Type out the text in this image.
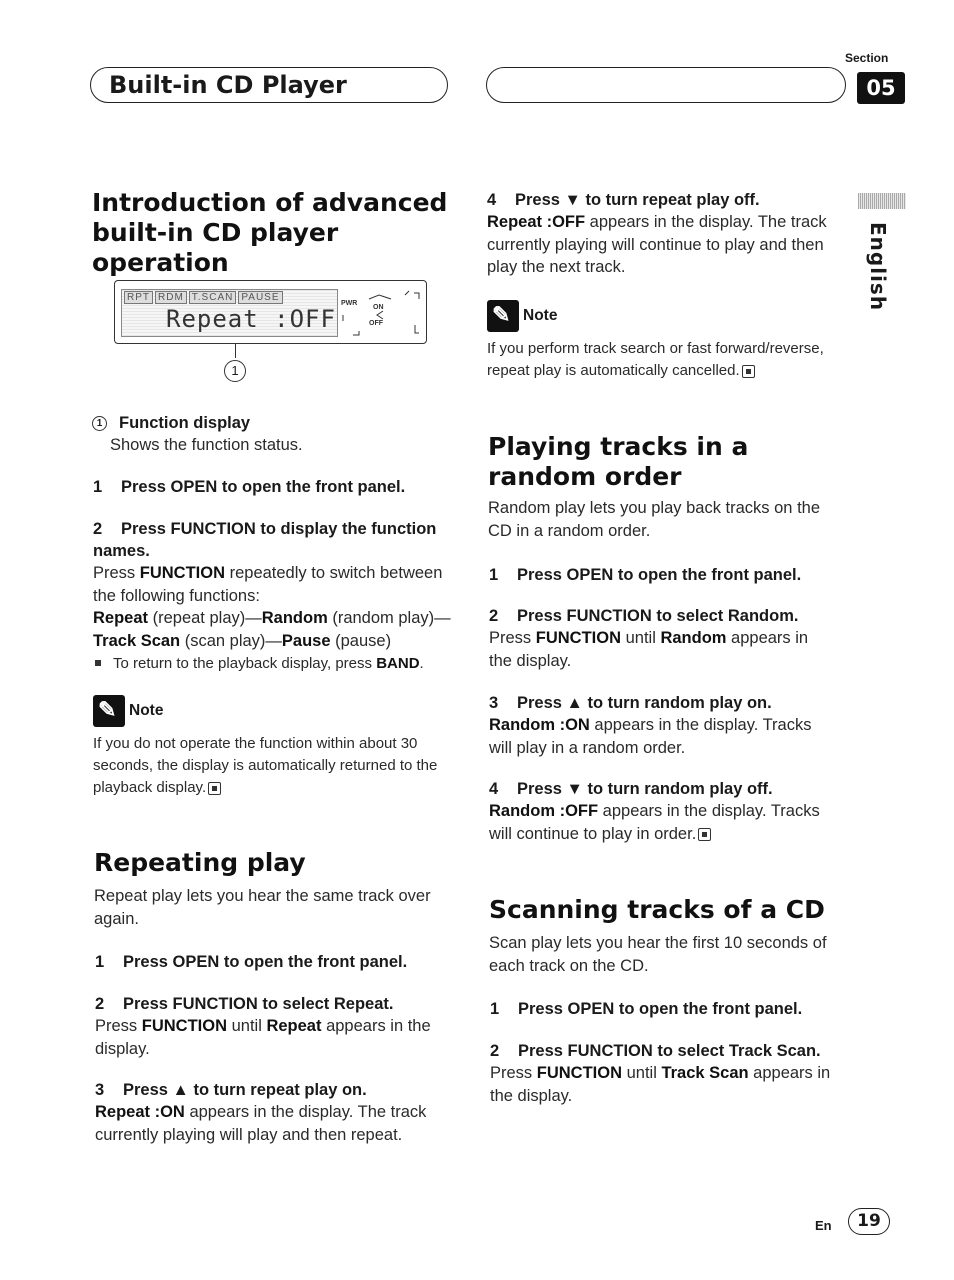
Built-in CD Player
Section
05
English
Introduction of advanced
built-in CD player operation
RPT RDM T.SCAN PAUSE
Repeat :OFF
PWR
ON
OFF
1
1 Function display
Shows the function status.
1 Press OPEN to open the front panel.
2 Press FUNCTION to display the function names.
Press FUNCTION repeatedly to switch between the following functions:
Repeat (repeat play)—Random (random play)—Track Scan (scan play)—Pause (pause)
To return to the playback display, press BAND.
✎ Note
If you do not operate the function within about 30 seconds, the display is automatically returned to the playback display.
Repeating play
Repeat play lets you hear the same track over again.
1 Press OPEN to open the front panel.
2 Press FUNCTION to select Repeat.
Press FUNCTION until Repeat appears in the display.
3 Press ▲ to turn repeat play on.
Repeat :ON appears in the display. The track currently playing will play and then repeat.
4 Press ▼ to turn repeat play off.
Repeat :OFF appears in the display. The track currently playing will continue to play and then play the next track.
✎ Note
If you perform track search or fast forward/reverse, repeat play is automatically cancelled.
Playing tracks in a random order
Random play lets you play back tracks on the CD in a random order.
1 Press OPEN to open the front panel.
2 Press FUNCTION to select Random.
Press FUNCTION until Random appears in the display.
3 Press ▲ to turn random play on.
Random :ON appears in the display. Tracks will play in a random order.
4 Press ▼ to turn random play off.
Random :OFF appears in the display. Tracks will continue to play in order.
Scanning tracks of a CD
Scan play lets you hear the first 10 seconds of each track on the CD.
1 Press OPEN to open the front panel.
2 Press FUNCTION to select Track Scan.
Press FUNCTION until Track Scan appears in the display.
En	19
